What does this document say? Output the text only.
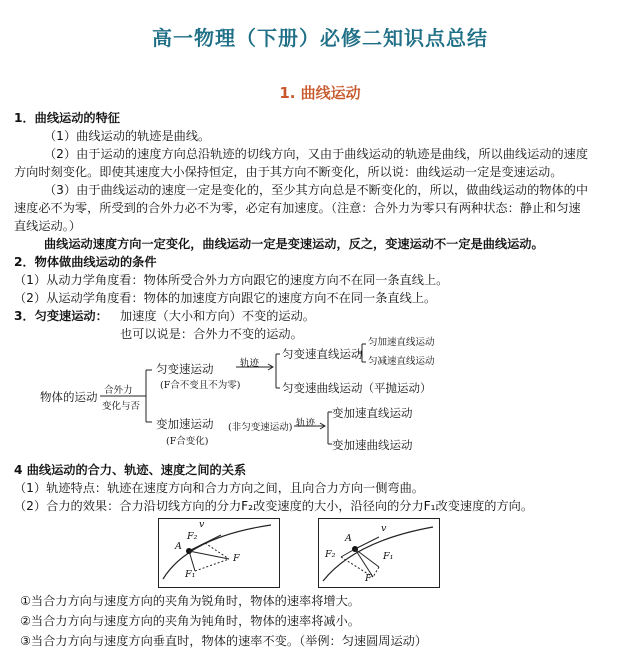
高一物理（下册）必修二知识点总结
1. 曲线运动
1．曲线运动的特征
（1）曲线运动的轨迹是曲线。
（2）由于运动的速度方向总沿轨迹的切线方向，又由于曲线运动的轨迹是曲线，所以曲线运动的速度
方向时刻变化。即使其速度大小保持恒定，由于其方向不断变化，所以说：曲线运动一定是变速运动。
（3）由于曲线运动的速度一定是变化的，至少其方向总是不断变化的，所以，做曲线运动的物体的中
速度必不为零，所受到的合外力必不为零，必定有加速度。（注意：合外力为零只有两种状态：静止和匀速
直线运动。）
曲线运动速度方向一定变化，曲线运动一定是变速运动，反之，变速运动不一定是曲线运动。
2．物体做曲线运动的条件
（1）从动力学角度看：物体所受合外力方向跟它的速度方向不在同一条直线上。
（2）从运动学角度看：物体的加速度方向跟它的速度方向不在同一条直线上。
3．匀变速运动： 加速度（大小和方向）不变的运动。
也可以说是：合外力不变的运动。
物体的运动 合外力
变化与否
匀变速运动
(F合不变且不为零)
轨迹
匀变速直线运动
匀加速直线运动
匀减速直线运动
匀变速曲线运动（平抛运动）
变加速运动 (非匀变速运动)
(F合变化)
轨迹
变加速直线运动
变加速曲线运动
4 曲线运动的合力、轨迹、速度之间的关系
（1）轨迹特点：轨迹在速度方向和合力方向之间，且向合力方向一侧弯曲。
（2）合力的效果：合力沿切线方向的分力F₂改变速度的大小，沿径向的分力F₁改变速度的方向。
v
A
F₂
F
F₁
v
A
F₂	F₁
F
①当合力方向与速度方向的夹角为锐角时，物体的速率将增大。
②当合力方向与速度方向的夹角为钝角时，物体的速率将减小。
③当合力方向与速度方向垂直时，物体的速率不变。（举例：匀速圆周运动）
